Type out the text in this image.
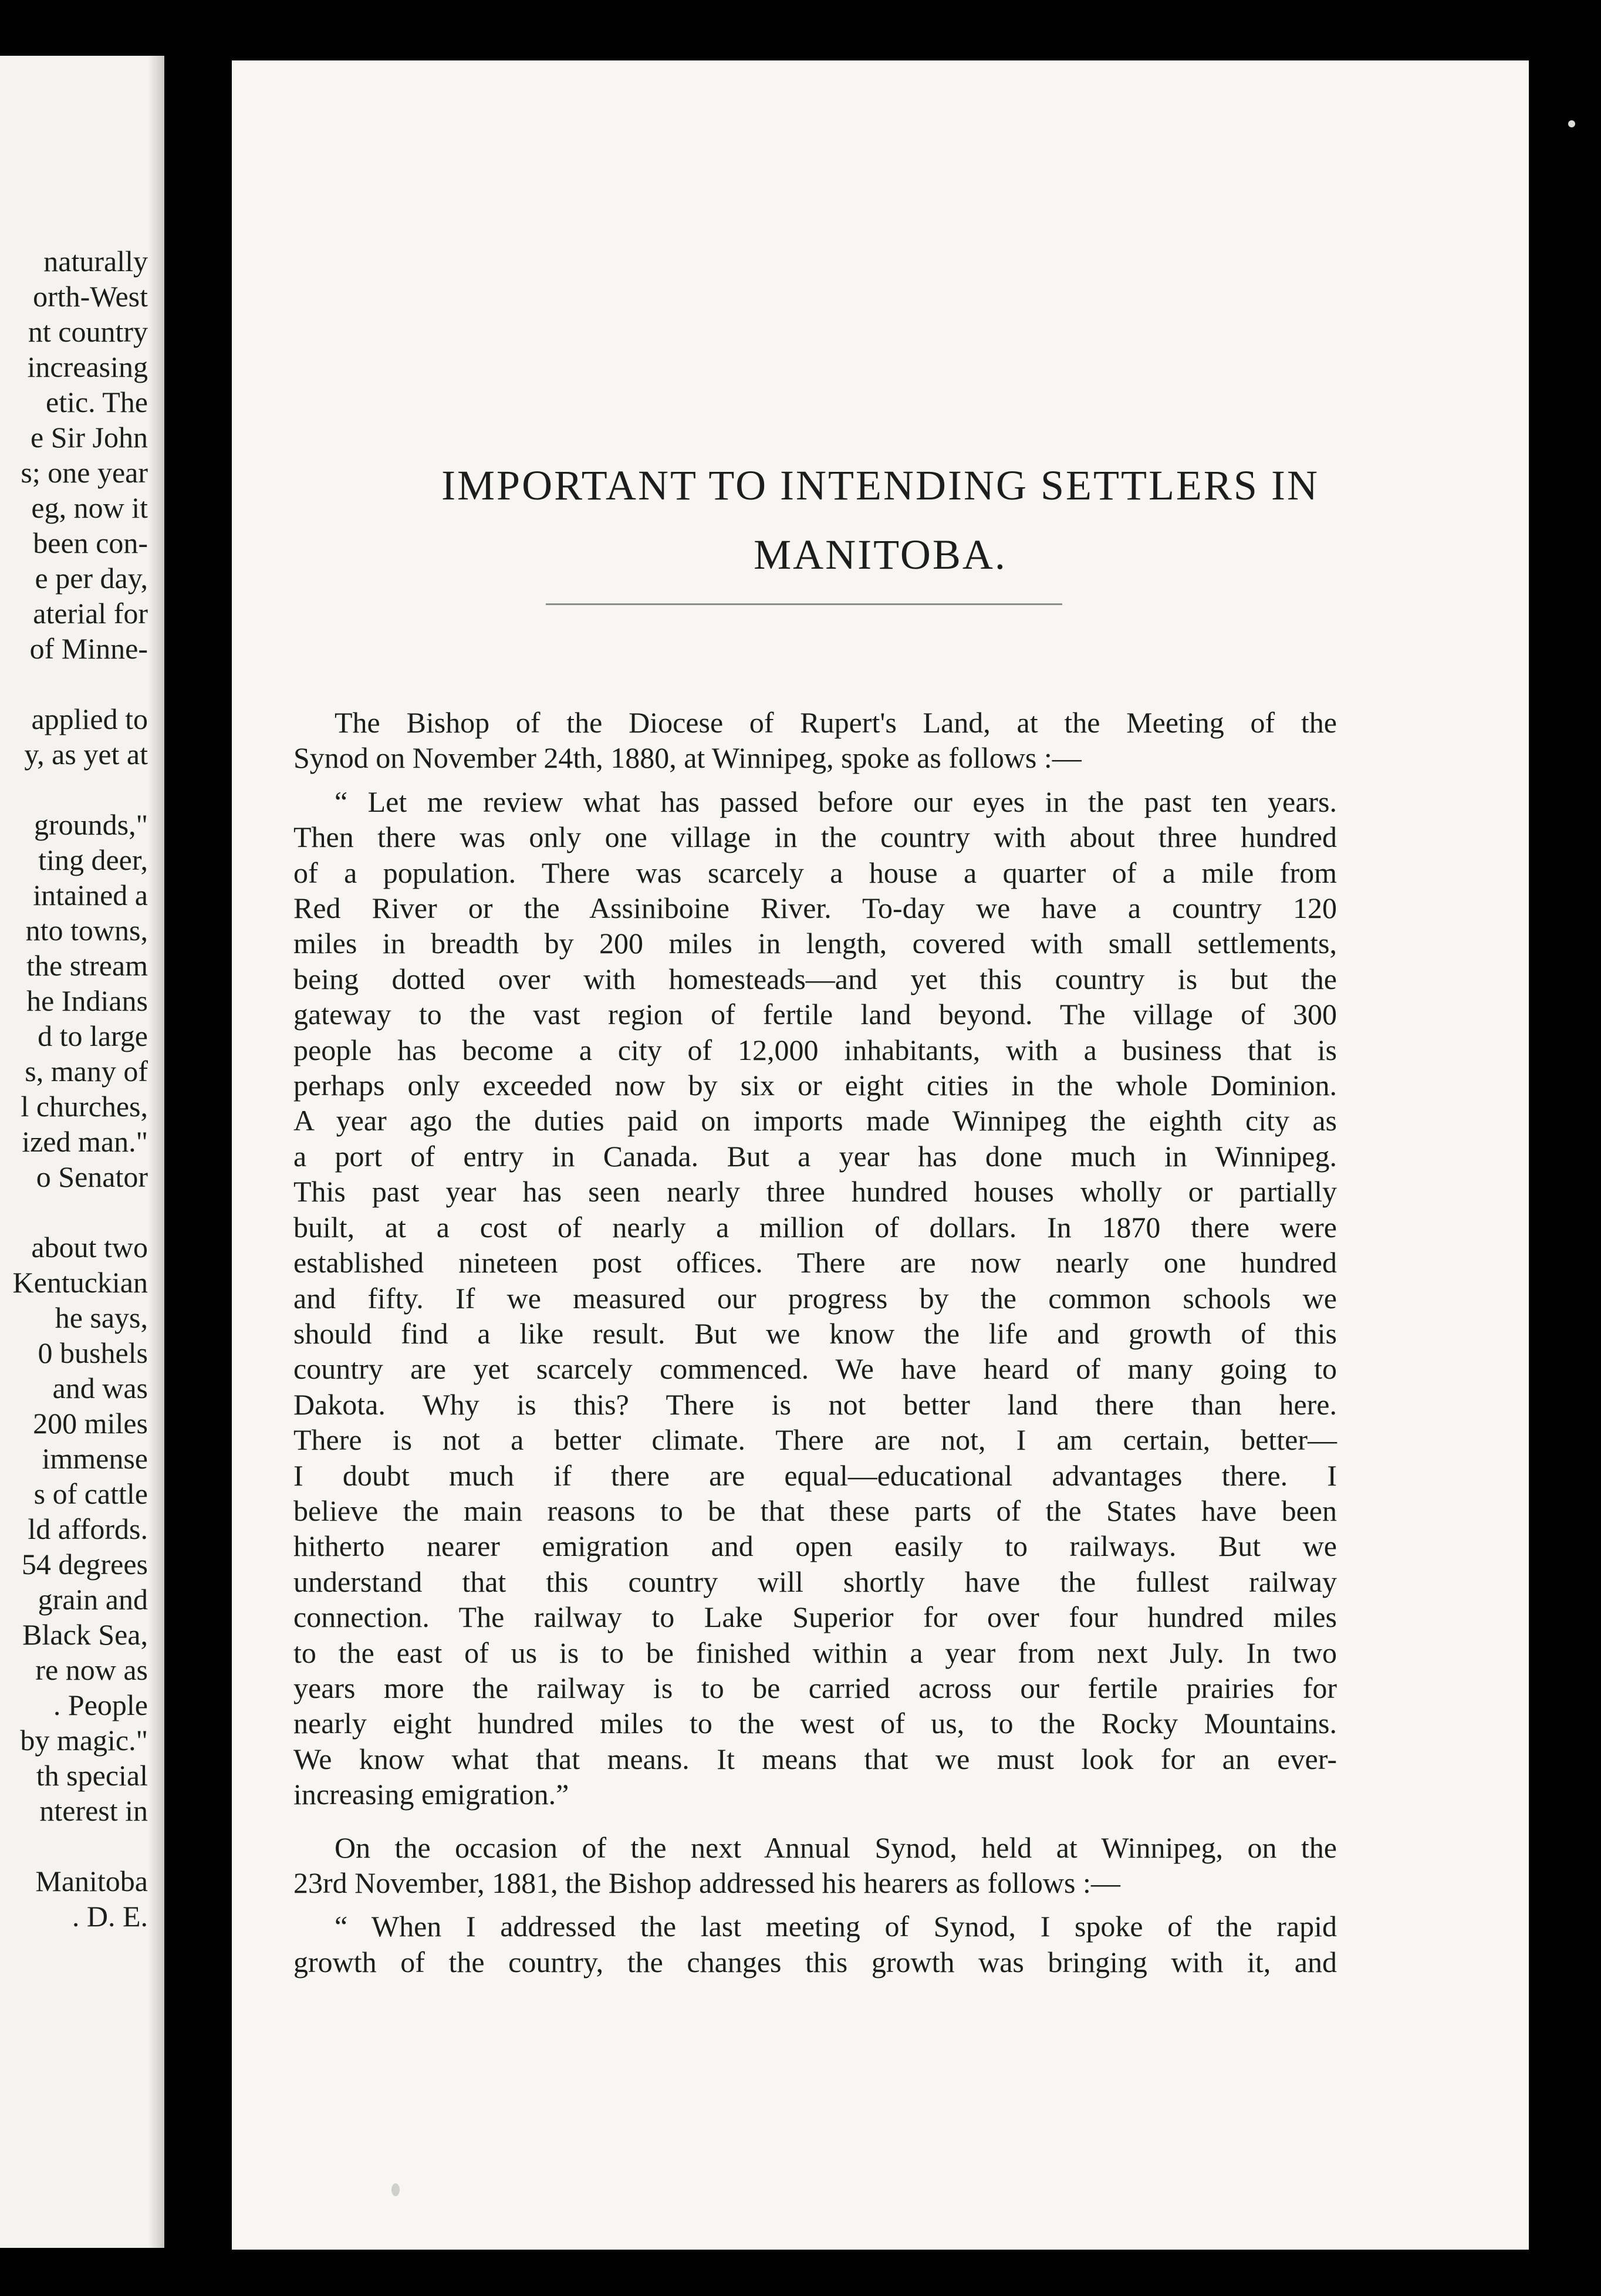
naturally
orth-West
nt country
increasing
etic. The
e Sir John
s; one year
eg, now it
been con-
e per day,
aterial for
of Minne-
applied to
y, as yet at
grounds,"
ting deer,
intained a
nto towns,
the stream
he Indians
d to large
s, many of
l churches,
ized man."
o Senator
about two
Kentuckian
he says,
0 bushels
and was
200 miles
immense
s of cattle
ld affords.
54 degrees
grain and
Black Sea,
re now as
. People
by magic."
th special
nterest in
Manitoba
. D. E.
IMPORTANT TO INTENDING SETTLERS IN
MANITOBA.
The Bishop of the Diocese of Rupert's Land, at the Meeting of the
Synod on November 24th, 1880, at Winnipeg, spoke as follows :—
“ Let me review what has passed before our eyes in the past ten years.
Then there was only one village in the country with about three hundred
of a population. There was scarcely a house a quarter of a mile from
Red River or the Assiniboine River. To-day we have a country 120
miles in breadth by 200 miles in length, covered with small settlements,
being dotted over with homesteads—and yet this country is but the
gateway to the vast region of fertile land beyond. The village of 300
people has become a city of 12,000 inhabitants, with a business that is
perhaps only exceeded now by six or eight cities in the whole Dominion.
A year ago the duties paid on imports made Winnipeg the eighth city as
a port of entry in Canada. But a year has done much in Winnipeg.
This past year has seen nearly three hundred houses wholly or partially
built, at a cost of nearly a million of dollars. In 1870 there were
established nineteen post offices. There are now nearly one hundred
and fifty. If we measured our progress by the common schools we
should find a like result. But we know the life and growth of this
country are yet scarcely commenced. We have heard of many going to
Dakota. Why is this? There is not better land there than here.
There is not a better climate. There are not, I am certain, better—
I doubt much if there are equal—educational advantages there. I
believe the main reasons to be that these parts of the States have been
hitherto nearer emigration and open easily to railways. But we
understand that this country will shortly have the fullest railway
connection. The railway to Lake Superior for over four hundred miles
to the east of us is to be finished within a year from next July. In two
years more the railway is to be carried across our fertile prairies for
nearly eight hundred miles to the west of us, to the Rocky Mountains.
We know what that means. It means that we must look for an ever-
increasing emigration.”
On the occasion of the next Annual Synod, held at Winnipeg, on the
23rd November, 1881, the Bishop addressed his hearers as follows :—
“ When I addressed the last meeting of Synod, I spoke of the rapid
growth of the country, the changes this growth was bringing with it, and
